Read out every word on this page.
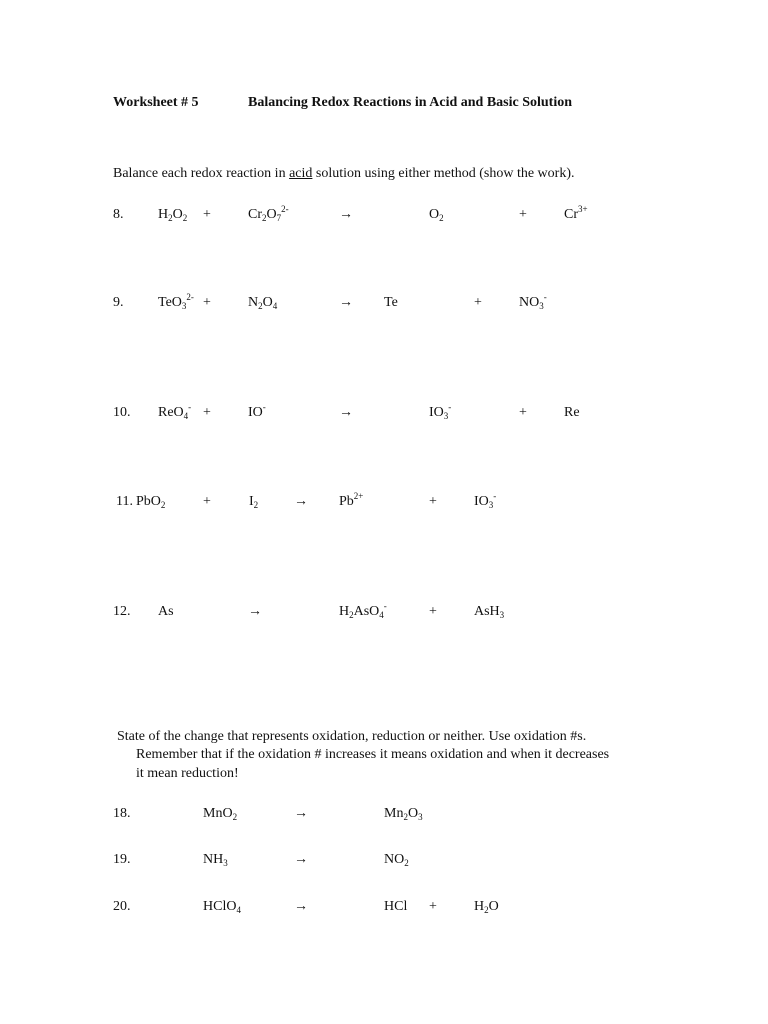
Worksheet # 5	Balancing Redox Reactions in Acid and Basic Solution
Balance each redox reaction in acid solution using either method (show the work).
8. $H_2O_2$ +	$Cr_2O_7^{2-}$	→	$O_2$	+	$Cr^{3+}$
9. TeO$_3^{2-}$ +	$N_2O_4$	→ Te	+	$NO_3^-$
10. ReO$_4$- +	IO-	→	$IO_3^-$	+	Re
11. PbO$_2$	+	$I_2$	→ $Pb^{2+}$	+	$IO_3^-$
12. As	→	$H_2AsO_4^-$	+	AsH$_3$
State of the change that represents oxidation, reduction or neither. Use oxidation #s.
Remember that if the oxidation # increases it means oxidation and when it decreases
it mean reduction!
18.	MnO$_2$	→	$Mn_2O_3$
19.	$NH_3$	→	$NO_2$
20.	HClO$_4$	→	HCl +	$H_2O$
